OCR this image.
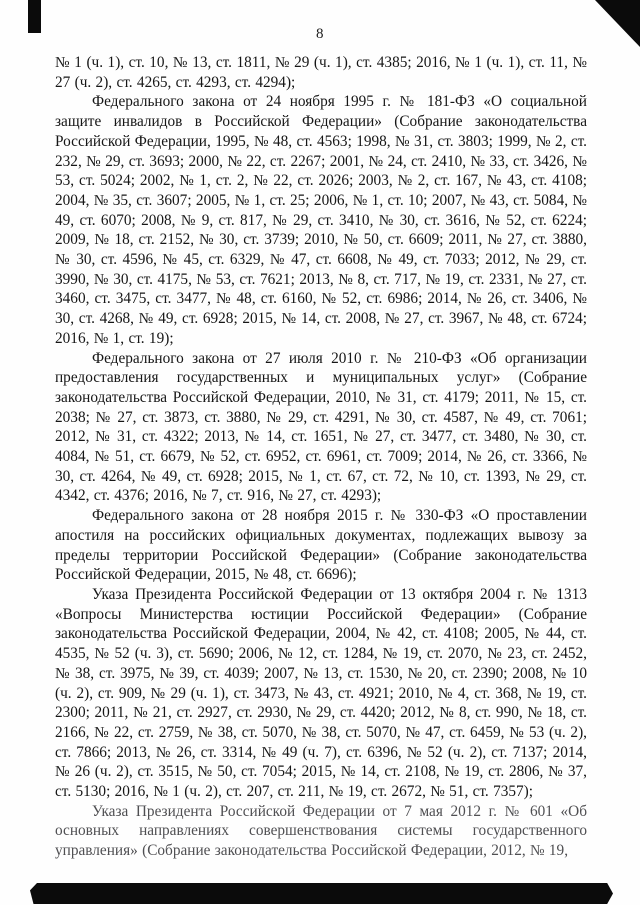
8

№ 1 (ч. 1), ст. 10, № 13, ст. 1811, № 29 (ч. 1), ст. 4385; 2016, № 1 (ч. 1), ст. 11, № 27 (ч. 2), ст. 4265, ст. 4293, ст. 4294);

Федерального закона от 24 ноября 1995 г. № 181-ФЗ «О социальной защите инвалидов в Российской Федерации» (Собрание законодательства Российской Федерации, 1995, № 48, ст. 4563; 1998, № 31, ст. 3803; 1999, № 2, ст. 232, № 29, ст. 3693; 2000, № 22, ст. 2267; 2001, № 24, ст. 2410, № 33, ст. 3426, № 53, ст. 5024; 2002, № 1, ст. 2, № 22, ст. 2026; 2003, № 2, ст. 167, № 43, ст. 4108; 2004, № 35, ст. 3607; 2005, № 1, ст. 25; 2006, № 1, ст. 10; 2007, № 43, ст. 5084, № 49, ст. 6070; 2008, № 9, ст. 817, № 29, ст. 3410, № 30, ст. 3616, № 52, ст. 6224; 2009, № 18, ст. 2152, № 30, ст. 3739; 2010, № 50, ст. 6609; 2011, № 27, ст. 3880, № 30, ст. 4596, № 45, ст. 6329, № 47, ст. 6608, № 49, ст. 7033; 2012, № 29, ст. 3990, № 30, ст. 4175, № 53, ст. 7621; 2013, № 8, ст. 717, № 19, ст. 2331, № 27, ст. 3460, ст. 3475, ст. 3477, № 48, ст. 6160, № 52, ст. 6986; 2014, № 26, ст. 3406, № 30, ст. 4268, № 49, ст. 6928; 2015, № 14, ст. 2008, № 27, ст. 3967, № 48, ст. 6724; 2016, № 1, ст. 19);

Федерального закона от 27 июля 2010 г. № 210-ФЗ «Об организации предоставления государственных и муниципальных услуг» (Собрание законодательства Российской Федерации, 2010, № 31, ст. 4179; 2011, № 15, ст. 2038; № 27, ст. 3873, ст. 3880, № 29, ст. 4291, № 30, ст. 4587, № 49, ст. 7061; 2012, № 31, ст. 4322; 2013, № 14, ст. 1651, № 27, ст. 3477, ст. 3480, № 30, ст. 4084, № 51, ст. 6679, № 52, ст. 6952, ст. 6961, ст. 7009; 2014, № 26, ст. 3366, № 30, ст. 4264, № 49, ст. 6928; 2015, № 1, ст. 67, ст. 72, № 10, ст. 1393, № 29, ст. 4342, ст. 4376; 2016, № 7, ст. 916, № 27, ст. 4293);

Федерального закона от 28 ноября 2015 г. № 330-ФЗ «О проставлении апостиля на российских официальных документах, подлежащих вывозу за пределы территории Российской Федерации» (Собрание законодательства Российской Федерации, 2015, № 48, ст. 6696);

Указа Президента Российской Федерации от 13 октября 2004 г. № 1313 «Вопросы Министерства юстиции Российской Федерации» (Собрание законодательства Российской Федерации, 2004, № 42, ст. 4108; 2005, № 44, ст. 4535, № 52 (ч. 3), ст. 5690; 2006, № 12, ст. 1284, № 19, ст. 2070, № 23, ст. 2452, № 38, ст. 3975, № 39, ст. 4039; 2007, № 13, ст. 1530, № 20, ст. 2390; 2008, № 10 (ч. 2), ст. 909, № 29 (ч. 1), ст. 3473, № 43, ст. 4921; 2010, № 4, ст. 368, № 19, ст. 2300; 2011, № 21, ст. 2927, ст. 2930, № 29, ст. 4420; 2012, № 8, ст. 990, № 18, ст. 2166, № 22, ст. 2759, № 38, ст. 5070, № 38, ст. 5070, № 47, ст. 6459, № 53 (ч. 2), ст. 7866; 2013, № 26, ст. 3314, № 49 (ч. 7), ст. 6396, № 52 (ч. 2), ст. 7137; 2014, № 26 (ч. 2), ст. 3515, № 50, ст. 7054; 2015, № 14, ст. 2108, № 19, ст. 2806, № 37, ст. 5130; 2016, № 1 (ч. 2), ст. 207, ст. 211, № 19, ст. 2672, № 51, ст. 7357);

Указа Президента Российской Федерации от 7 мая 2012 г. № 601 «Об основных направлениях совершенствования системы государственного управления» (Собрание законодательства Российской Федерации, 2012, № 19,
